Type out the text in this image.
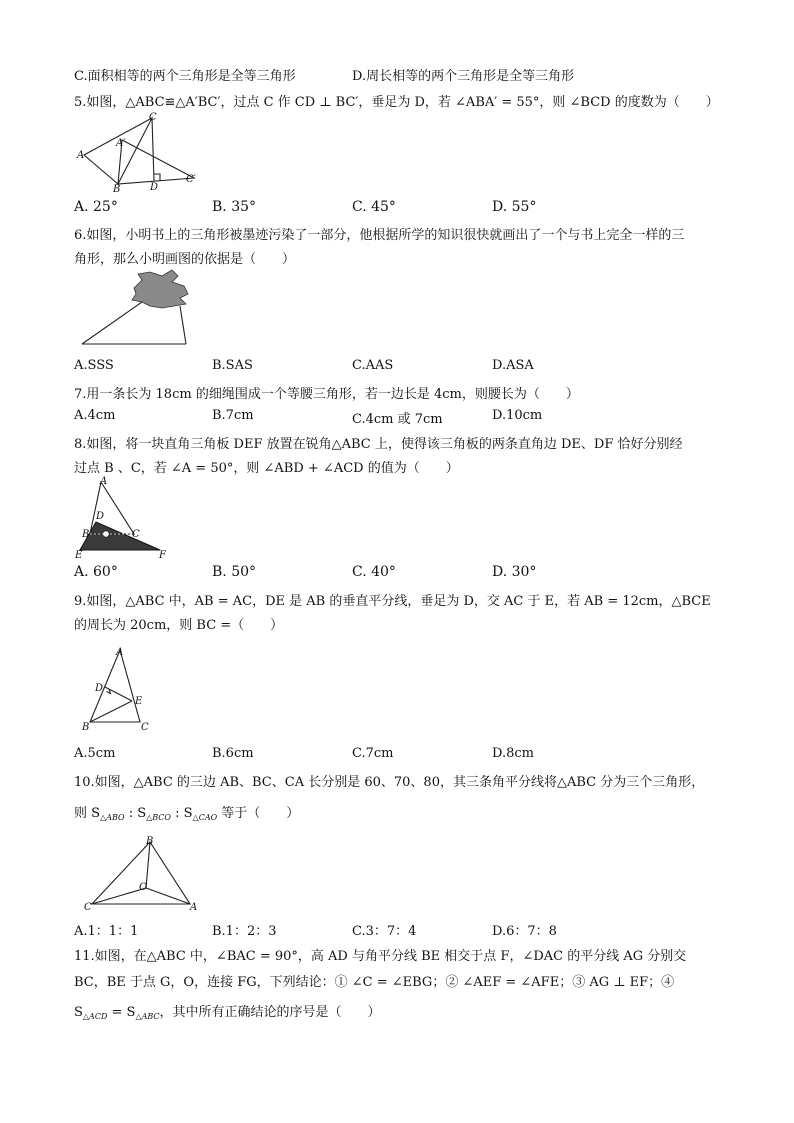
C.面积相等的两个三角形是全等三角形	D.周长相等的两个三角形是全等三角形
5.如图，△ABC≌△A′BC′，过点 C 作 CD ⊥ BC′，垂足为 D，若 ∠ABA′ = 55°，则 ∠BCD 的度数为（　　）
C
A
A′
B	D
C′
A. 25°	B. 35°	C. 45°	D. 55°
6.如图，小明书上的三角形被墨迹污染了一部分，他根据所学的知识很快就画出了一个与书上完全一样的三
角形，那么小明画图的依据是（　　）
A.SSS	B.SAS	C.AAS	D.ASA
7.用一条长为 18cm 的细绳围成一个等腰三角形，若一边长是 4cm，则腰长为（　　）
A.4cm	B.7cm	C.4cm 或 7cm	D.10cm
8.如图，将一块直角三角板 DEF 放置在锐角△ABC 上，使得该三角板的两条直角边 DE、DF 恰好分别经
过点 B 、C，若 ∠A = 50°，则 ∠ABD + ∠ACD 的值为（　　）
A
D
B	C
E	F
A. 60°	B. 50°	C. 40°	D. 30°
9.如图，△ABC 中，AB = AC，DE 是 AB 的垂直平分线，垂足为 D，交 AC 于 E，若 AB = 12cm，△BCE
的周长为 20cm，则 BC =（　　）
A
D
E
B	C
A.5cm	B.6cm	C.7cm	D.8cm
10.如图，△ABC 的三边 AB、BC、CA 长分别是 60、70、80，其三条角平分线将△ABC 分为三个三角形，
则 $S_{\triangle ABO}$ : $S_{\triangle BCO}$ : $S_{\triangle CAO}$ 等于（　　）
B
O
C	A
A.1：1：1	B.1：2：3	C.3：7：4	D.6：7：8
11.如图，在△ABC 中，∠BAC = 90°，高 AD 与角平分线 BE 相交于点 F，∠DAC 的平分线 AG 分别交
BC，BE 于点 G，O，连接 FG，下列结论：① ∠C = ∠EBG；② ∠AEF = ∠AFE；③ AG ⊥ EF；④
$S_{\triangle ACD} = S_{\triangle ABC}$，其中所有正确结论的序号是（　　）
